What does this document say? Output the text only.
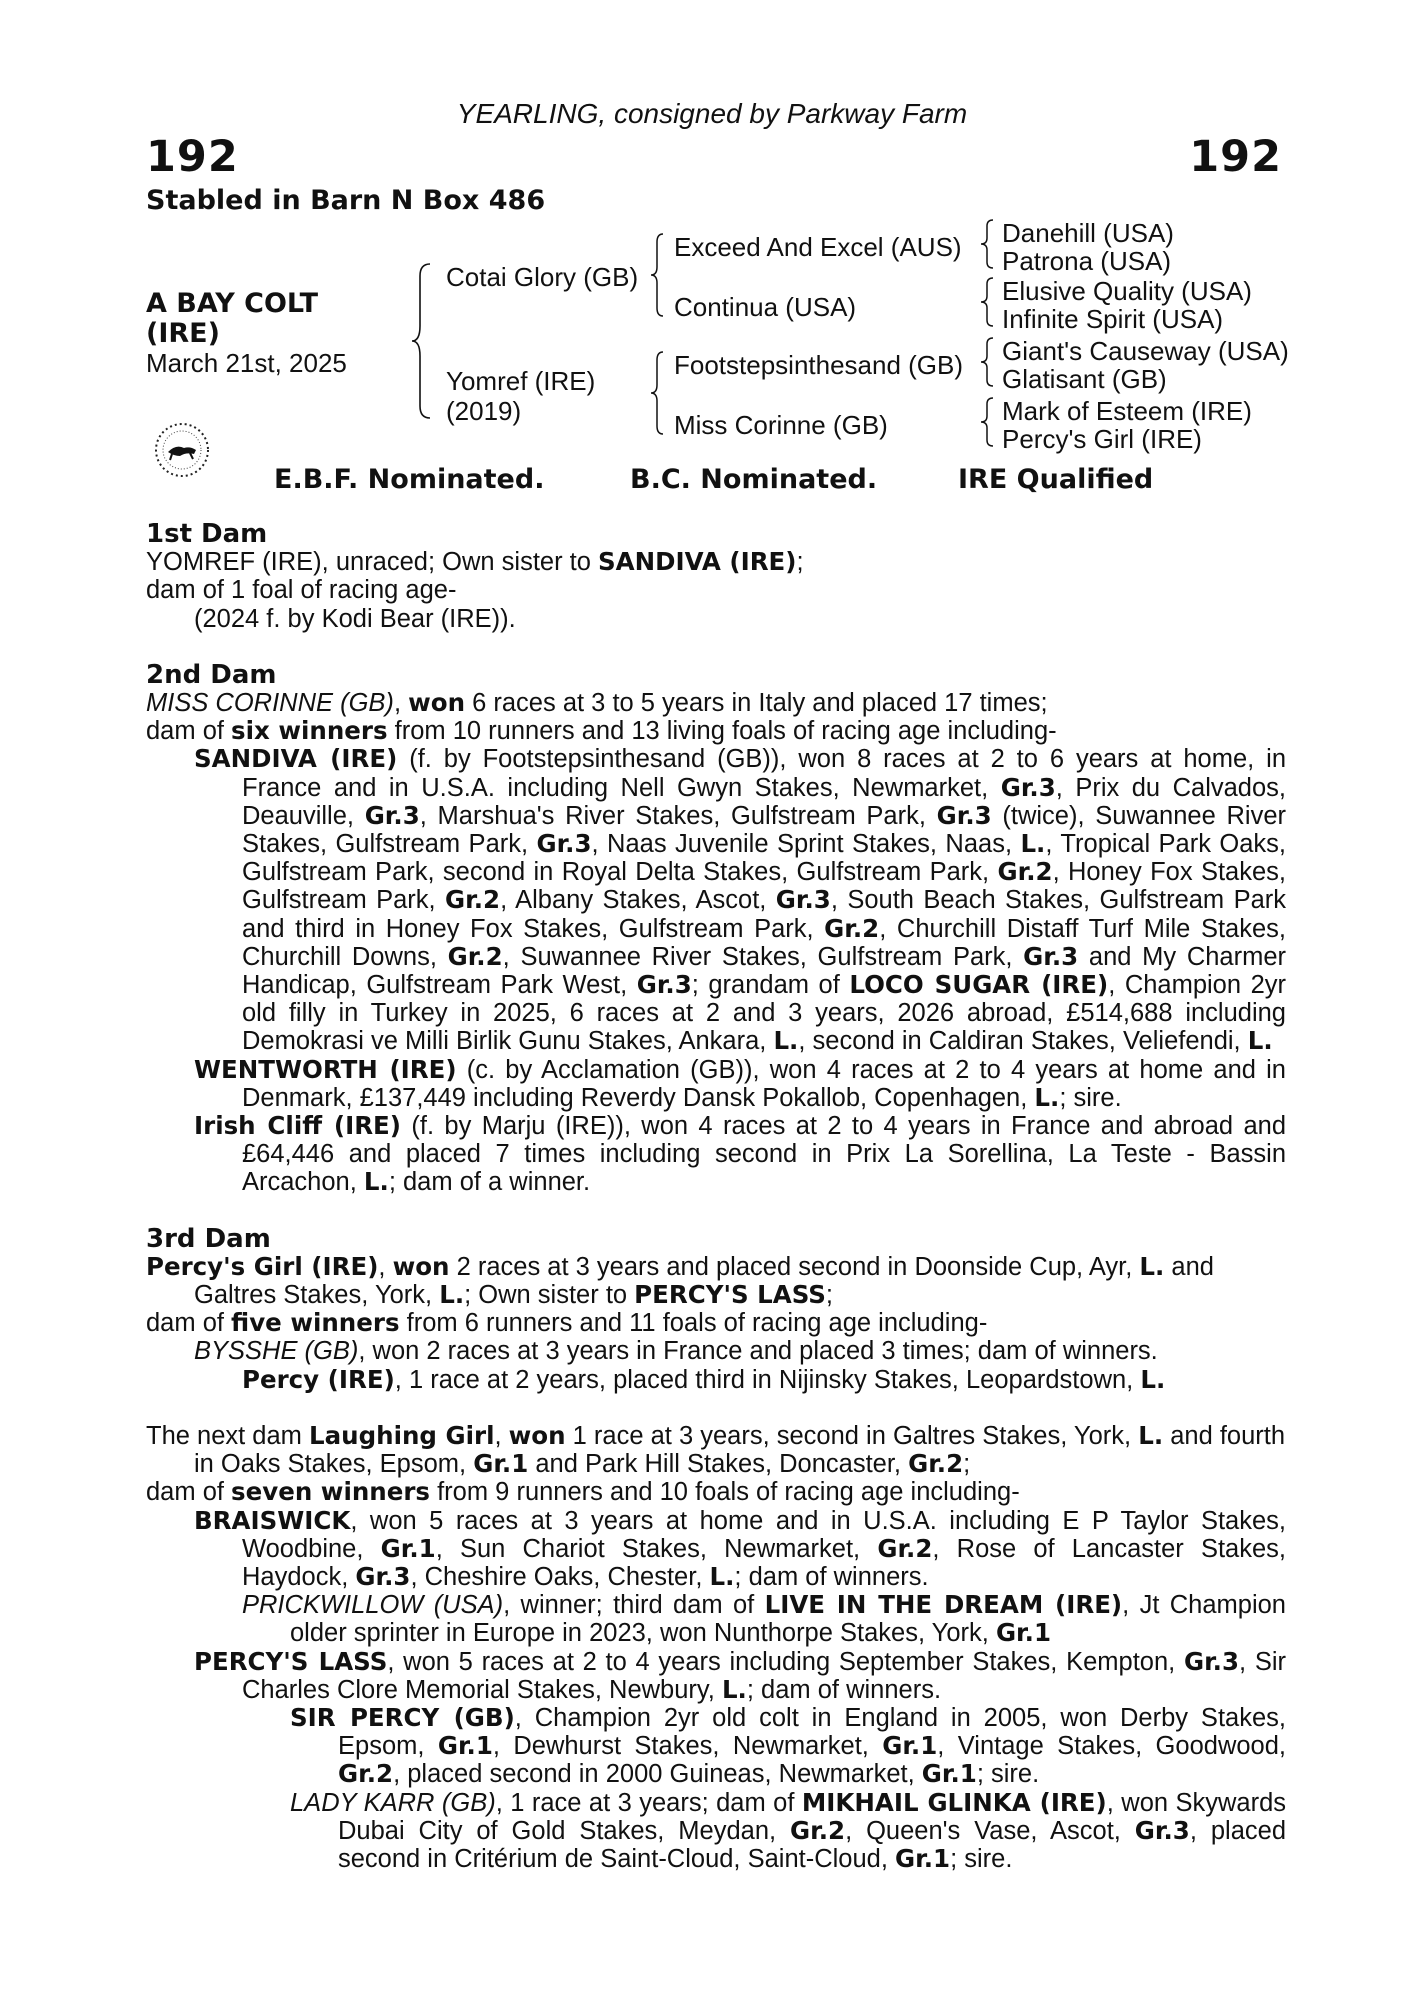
YEARLING, consigned by Parkway Farm
192	192
Stabled in Barn N Box 486
A BAY COLT
(IRE)
March 21st, 2025
Cotai Glory (GB)
Yomref (IRE)
(2019)
Exceed And Excel (AUS)
Continua (USA)
Footstepsinthesand (GB)
Miss Corinne (GB)
Danehill (USA)
Patrona (USA)
Elusive Quality (USA)
Infinite Spirit (USA)
Giant's Causeway (USA)
Glatisant (GB)
Mark of Esteem (IRE)
Percy's Girl (IRE)
E.B.F. Nominated.	B.C. Nominated.	IRE Qualified
1st Dam

YOMREF (IRE), unraced; Own sister to SANDIVA (IRE);

dam of 1 foal of racing age-

(2024 f. by Kodi Bear (IRE)).

2nd Dam

MISS CORINNE (GB), won 6 races at 3 to 5 years in Italy and placed 17 times;

dam of six winners from 10 runners and 13 living foals of racing age including-

SANDIVA (IRE) (f. by Footstepsinthesand (GB)), won 8 races at 2 to 6 years at home, in France and in U.S.A. including Nell Gwyn Stakes, Newmarket, Gr.3, Prix du Calvados, Deauville, Gr.3, Marshua's River Stakes, Gulfstream Park, Gr.3 (twice), Suwannee River Stakes, Gulfstream Park, Gr.3, Naas Juvenile Sprint Stakes, Naas, L., Tropical Park Oaks, Gulfstream Park, second in Royal Delta Stakes, Gulfstream Park, Gr.2, Honey Fox Stakes, Gulfstream Park, Gr.2, Albany Stakes, Ascot, Gr.3, South Beach Stakes, Gulfstream Park and third in Honey Fox Stakes, Gulfstream Park, Gr.2, Churchill Distaff Turf Mile Stakes, Churchill Downs, Gr.2, Suwannee River Stakes, Gulfstream Park, Gr.3 and My Charmer Handicap, Gulfstream Park West, Gr.3; grandam of LOCO SUGAR (IRE), Champion 2yr old filly in Turkey in 2025, 6 races at 2 and 3 years, 2026 abroad, £514,688 including Demokrasi ve Milli Birlik Gunu Stakes, Ankara, L., second in Caldiran Stakes, Veliefendi, L.

WENTWORTH (IRE) (c. by Acclamation (GB)), won 4 races at 2 to 4 years at home and in Denmark, £137,449 including Reverdy Dansk Pokallob, Copenhagen, L.; sire.

Irish Cliff (IRE) (f. by Marju (IRE)), won 4 races at 2 to 4 years in France and abroad and £64,446 and placed 7 times including second in Prix La Sorellina, La Teste - Bassin Arcachon, L.; dam of a winner.

3rd Dam

Percy's Girl (IRE), won 2 races at 3 years and placed second in Doonside Cup, Ayr, L. and Galtres Stakes, York, L.; Own sister to PERCY'S LASS;

dam of five winners from 6 runners and 11 foals of racing age including-

BYSSHE (GB), won 2 races at 3 years in France and placed 3 times; dam of winners.

Percy (IRE), 1 race at 2 years, placed third in Nijinsky Stakes, Leopardstown, L.

The next dam Laughing Girl, won 1 race at 3 years, second in Galtres Stakes, York, L. and fourth in Oaks Stakes, Epsom, Gr.1 and Park Hill Stakes, Doncaster, Gr.2;

dam of seven winners from 9 runners and 10 foals of racing age including-

BRAISWICK, won 5 races at 3 years at home and in U.S.A. including E P Taylor Stakes, Woodbine, Gr.1, Sun Chariot Stakes, Newmarket, Gr.2, Rose of Lancaster Stakes, Haydock, Gr.3, Cheshire Oaks, Chester, L.; dam of winners.

PRICKWILLOW (USA), winner; third dam of LIVE IN THE DREAM (IRE), Jt Champion older sprinter in Europe in 2023, won Nunthorpe Stakes, York, Gr.1

PERCY'S LASS, won 5 races at 2 to 4 years including September Stakes, Kempton, Gr.3, Sir Charles Clore Memorial Stakes, Newbury, L.; dam of winners.

SIR PERCY (GB), Champion 2yr old colt in England in 2005, won Derby Stakes, Epsom, Gr.1, Dewhurst Stakes, Newmarket, Gr.1, Vintage Stakes, Goodwood, Gr.2, placed second in 2000 Guineas, Newmarket, Gr.1; sire.

LADY KARR (GB), 1 race at 3 years; dam of MIKHAIL GLINKA (IRE), won Skywards Dubai City of Gold Stakes, Meydan, Gr.2, Queen's Vase, Ascot, Gr.3, placed second in Critérium de Saint-Cloud, Saint-Cloud, Gr.1; sire.
